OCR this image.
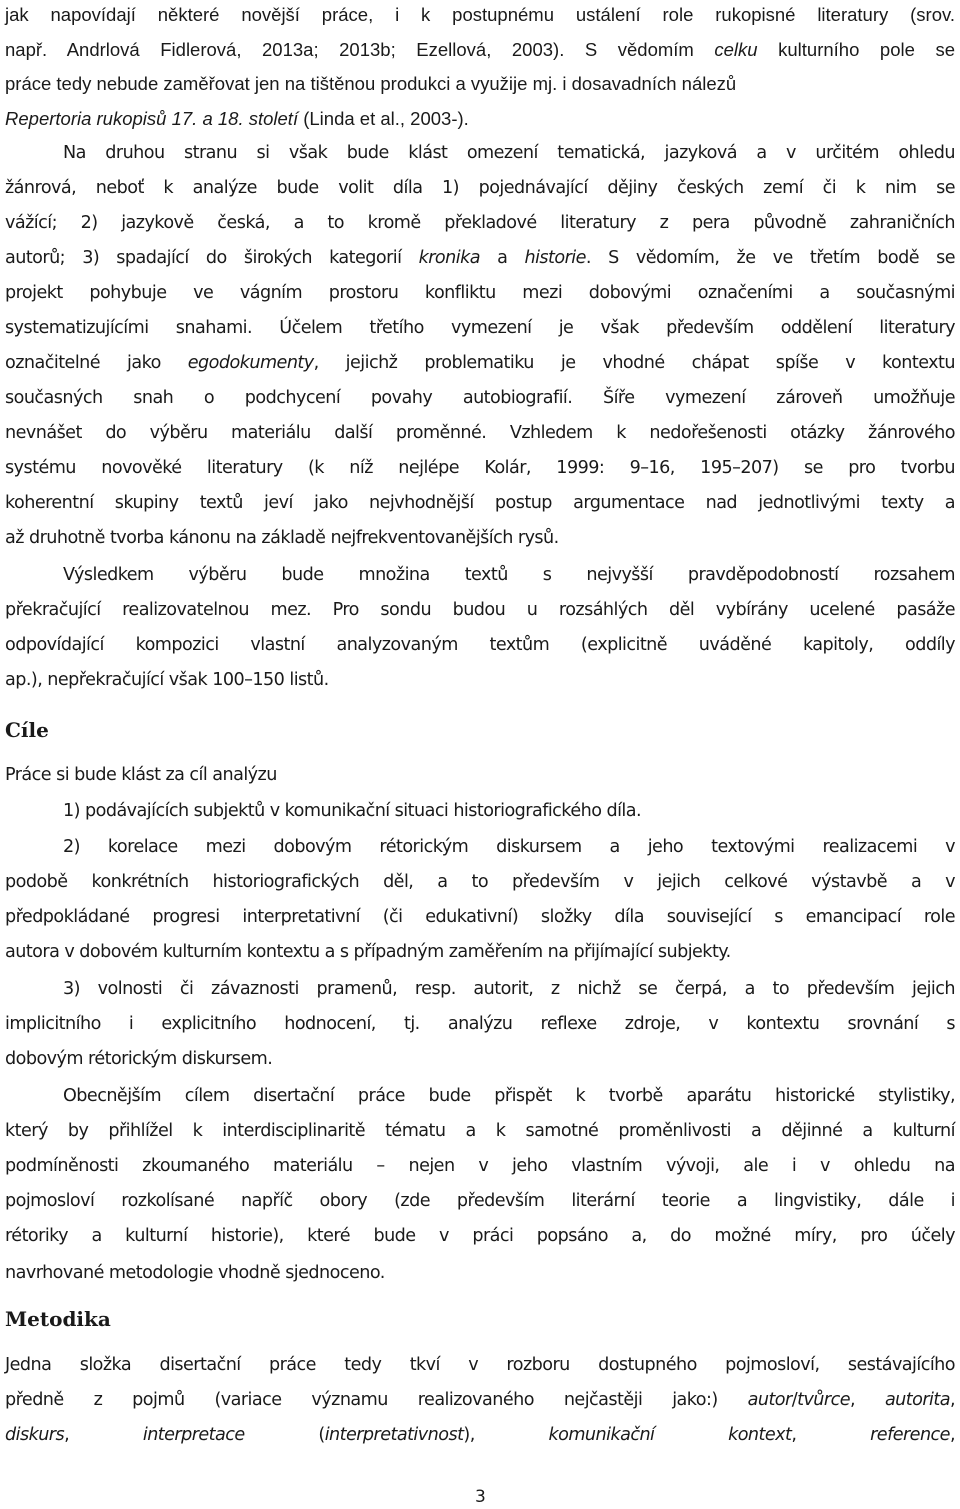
jak napovídají některé novější práce, i k postupnému ustálení role rukopisné literatury (srov.
např. Andrlová Fidlerová, 2013a; 2013b; Ezellová, 2003). S vědomím celku kulturního pole se
práce tedy nebude zaměřovat jen na tištěnou produkci a využije mj. i dosavadních nálezů
Repertoria rukopisů 17. a 18. století (Linda et al., 2003-).
Na druhou stranu si však bude klást omezení tematická, jazyková a v určitém ohledu
žánrová, neboť k analýze bude volit díla 1) pojednávající dějiny českých zemí či k nim se
vážící; 2) jazykově česká, a to kromě překladové literatury z pera původně zahraničních
autorů; 3) spadající do širokých kategorií kronika a historie. S vědomím, že ve třetím bodě se
projekt pohybuje ve vágním prostoru konfliktu mezi dobovými označeními a současnými
systematizujícími snahami. Účelem třetího vymezení je však především oddělení literatury
označitelné jako egodokumenty, jejichž problematiku je vhodné chápat spíše v kontextu
současných snah o podchycení povahy autobiografií. Šíře vymezení zároveň umožňuje
nevnášet do výběru materiálu další proměnné. Vzhledem k nedořešenosti otázky žánrového
systému novověké literatury (k níž nejlépe Kolár, 1999: 9–16, 195–207) se pro tvorbu
koherentní skupiny textů jeví jako nejvhodnější postup argumentace nad jednotlivými texty a
až druhotně tvorba kánonu na základě nejfrekventovanějších rysů.
Výsledkem výběru bude množina textů s nejvyšší pravděpodobností rozsahem
překračující realizovatelnou mez. Pro sondu budou u rozsáhlých děl vybírány ucelené pasáže
odpovídající kompozici vlastní analyzovaným textům (explicitně uváděné kapitoly, oddíly
ap.), nepřekračující však 100–150 listů.
Cíle
Práce si bude klást za cíl analýzu
1) podávajících subjektů v komunikační situaci historiografického díla.
2) korelace mezi dobovým rétorickým diskursem a jeho textovými realizacemi v
podobě konkrétních historiografických děl, a to především v jejich celkové výstavbě a v
předpokládané progresi interpretativní (či edukativní) složky díla související s emancipací role
autora v dobovém kulturním kontextu a s případným zaměřením na přijímající subjekty.
3) volnosti či závaznosti pramenů, resp. autorit, z nichž se čerpá, a to především jejich
implicitního i explicitního hodnocení, tj. analýzu reflexe zdroje, v kontextu srovnání s
dobovým rétorickým diskursem.
Obecnějším cílem disertační práce bude přispět k tvorbě aparátu historické stylistiky,
který by přihlížel k interdisciplinaritě tématu a k samotné proměnlivosti a dějinné a kulturní
podmíněnosti zkoumaného materiálu – nejen v jeho vlastním vývoji, ale i v ohledu na
pojmosloví rozkolísané napříč obory (zde především literární teorie a lingvistiky, dále i
rétoriky a kulturní historie), které bude v práci popsáno a, do možné míry, pro účely
navrhované metodologie vhodně sjednoceno.
Metodika
Jedna složka disertační práce tedy tkví v rozboru dostupného pojmosloví, sestávajícího
předně z pojmů (variace významu realizovaného nejčastěji jako:) autor/tvůrce, autorita,
diskurs,	interpretace	(interpretativnost),	komunikační	kontext,	reference,
3
